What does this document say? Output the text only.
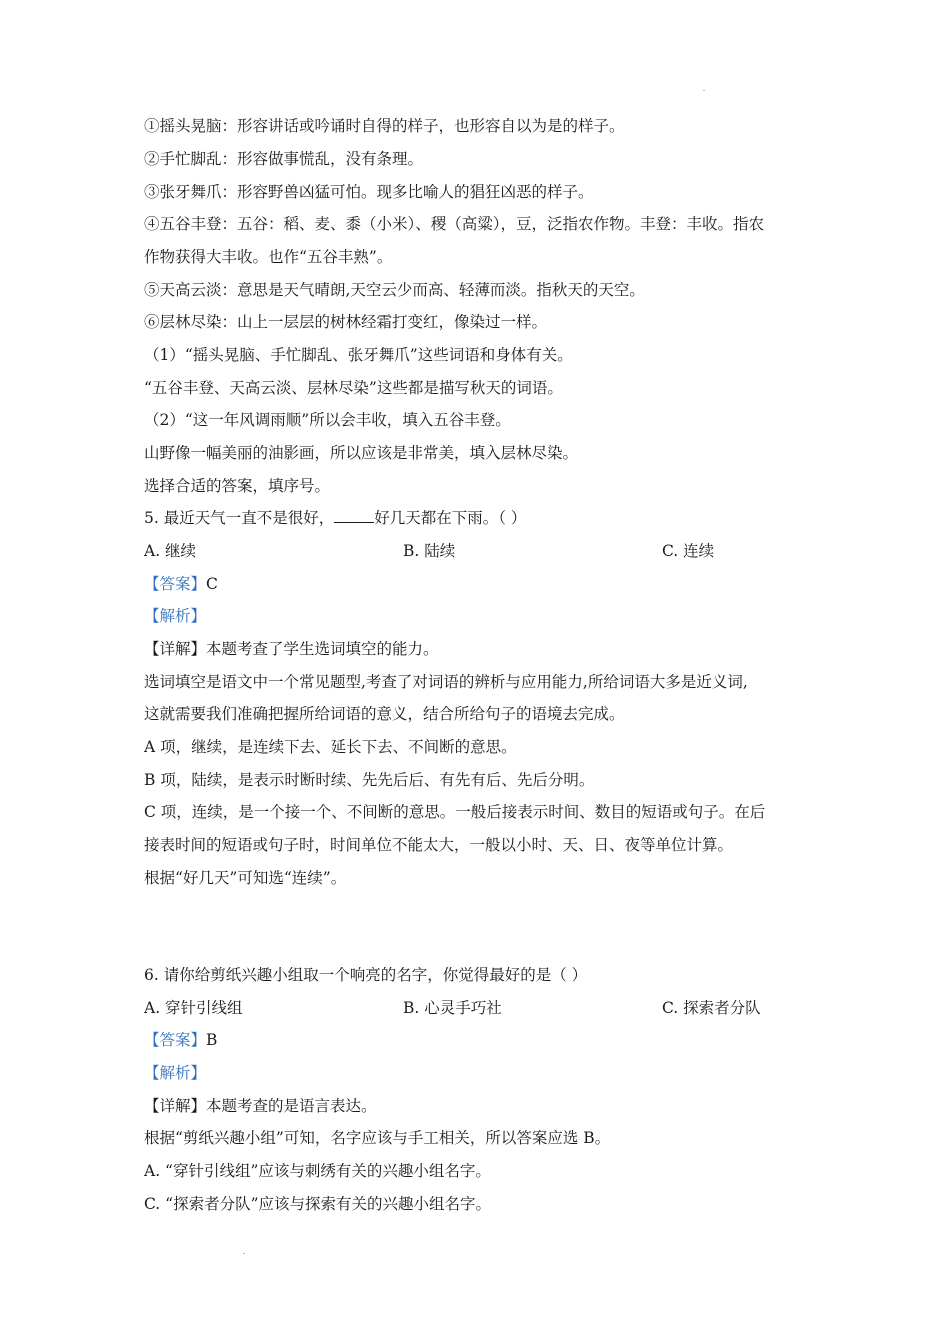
①摇头晃脑：形容讲话或吟诵时自得的样子，也形容自以为是的样子。
②手忙脚乱：形容做事慌乱，没有条理。
③张牙舞爪：形容野兽凶猛可怕。现多比喻人的猖狂凶恶的样子。
④五谷丰登：五谷：稻、麦、黍（小米）、稷（高粱），豆，泛指农作物。丰登：丰收。指农
作物获得大丰收。也作“五谷丰熟”。
⑤天高云淡：意思是天气晴朗,天空云少而高、轻薄而淡。指秋天的天空。
⑥层林尽染：山上一层层的树林经霜打变红，像染过一样。
（1）“摇头晃脑、手忙脚乱、张牙舞爪”这些词语和身体有关。
“五谷丰登、天高云淡、层林尽染”这些都是描写秋天的词语。
（2）“这一年风调雨顺”所以会丰收，填入五谷丰登。
山野像一幅美丽的油影画，所以应该是非常美，填入层林尽染。
选择合适的答案，填序号。
5. 最近天气一直不是很好，	好几天都在下雨。（ ）
A. 继续	B. 陆续	C. 连续
【答案】C
【解析】
【详解】本题考查了学生选词填空的能力。
选词填空是语文中一个常见题型,考查了对词语的辨析与应用能力,所给词语大多是近义词,
这就需要我们准确把握所给词语的意义，结合所给句子的语境去完成。
A 项，继续，是连续下去、延长下去、不间断的意思。
B 项，陆续，是表示时断时续、先先后后、有先有后、先后分明。
C 项，连续，是一个接一个、不间断的意思。一般后接表示时间、数目的短语或句子。在后
接表时间的短语或句子时，时间单位不能太大，一般以小时、天、日、夜等单位计算。
根据“好几天”可知选“连续”。
6. 请你给剪纸兴趣小组取一个响亮的名字，你觉得最好的是（ ）
A. 穿针引线组	B. 心灵手巧社	C. 探索者分队
【答案】B
【解析】
【详解】本题考查的是语言表达。
根据“剪纸兴趣小组”可知，名字应该与手工相关，所以答案应选 B。
A. “穿针引线组”应该与刺绣有关的兴趣小组名字。
C. “探索者分队”应该与探索有关的兴趣小组名字。
